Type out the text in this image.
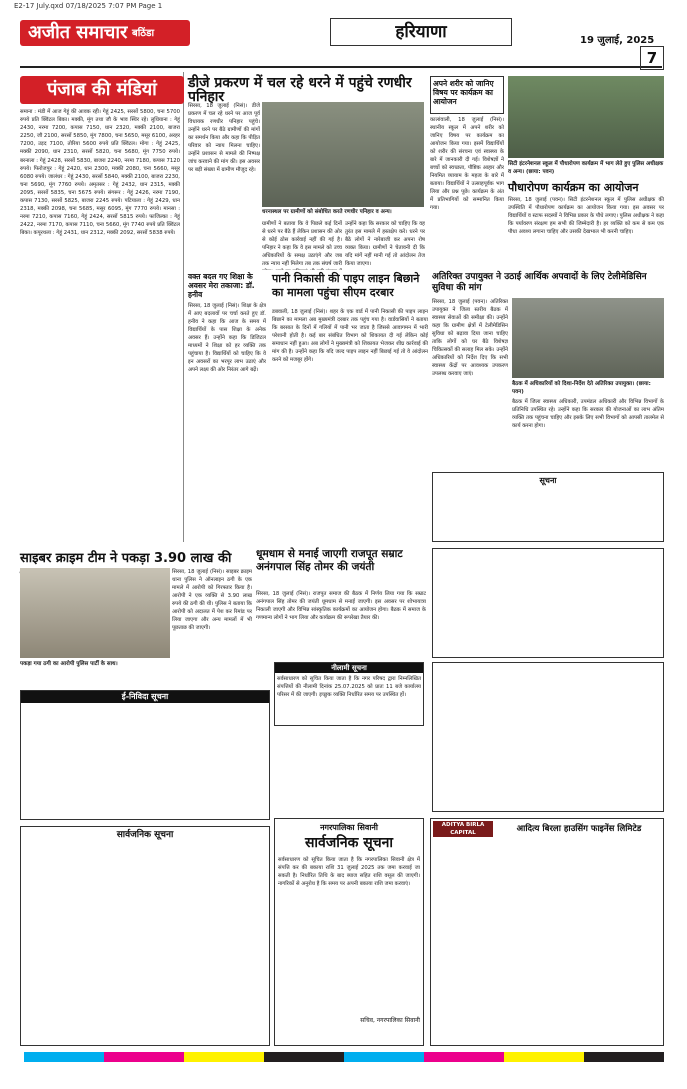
E2-17 July.qxd 07/18/2025 7:07 PM Page 1
अजीत समाचार बठिंडा	हरियाणा	19 जुलाई, 2025
7
पंजाब की मंडियां
समाना : मंडी में आज गेहूं की आवक रही। गेहूं 2425, सरसों 5800, चना 5700 रुपये प्रति क्विंटल बिका। मक्की, मूंग तथा जौ के भाव स्थिर रहे। लुधियाना : गेहूं 2430, नरमा 7200, कपास 7150, धान 2320, मक्की 2100, बाजरा 2250, जौ 2100, सरसों 5850, मूंग 7800, चना 5650, मसूर 6100, अरहर 7200, उड़द 7100, तोरिया 5600 रुपये प्रति क्विंटल। मोगा : गेहूं 2425, मक्की 2090, धान 2310, सरसों 5820, चना 5680, मूंग 7750 रुपये। बरनाला : गेहूं 2428, सरसों 5830, बाजरा 2240, नरमा 7180, कपास 7120 रुपये। फिरोजपुर : गेहूं 2420, धान 2300, मक्की 2080, चना 5660, मसूर 6080 रुपये। जालंधर : गेहूं 2430, सरसों 5840, मक्की 2100, बाजरा 2230, चना 5690, मूंग 7760 रुपये। अमृतसर : गेहूं 2432, धान 2315, मक्की 2095, सरसों 5835, चना 5675 रुपये। संगरूर : गेहूं 2426, नरमा 7190, कपास 7130, सरसों 5825, बाजरा 2245 रुपये। पटियाला : गेहूं 2429, धान 2318, मक्की 2098, चना 5685, मसूर 6095, मूंग 7770 रुपये। मानसा : नरमा 7210, कपास 7160, गेहूं 2424, सरसों 5815 रुपये। फाजिल्का : गेहूं 2422, नरमा 7170, कपास 7110, चना 5660, मूंग 7740 रुपये प्रति क्विंटल बिका। कपूरथला : गेहूं 2431, धान 2312, मक्की 2092, सरसों 5838 रुपये।
डीजे प्रकरण में चल रहे धरने में पहुंचे रणधीर पनिहार
धरनास्थल पर ग्रामीणों को संबोधित करते रणधीर पनिहार व अन्य।
सिरसा, 18 जुलाई (निसं)। डीजे प्रकरण में चल रहे धरने पर आज पूर्व विधायक रणधीर पनिहार पहुंचे। उन्होंने धरने पर बैठे ग्रामीणों की मांगों का समर्थन किया और कहा कि पीड़ित परिवार को न्याय मिलना चाहिए। उन्होंने प्रशासन से मामले की निष्पक्ष जांच करवाने की मांग की। इस अवसर पर बड़ी संख्या में ग्रामीण मौजूद रहे।
ग्रामीणों ने बताया कि वे पिछले कई दिनों से धरने पर बैठे हैं लेकिन प्रशासन की ओर से कोई ठोस कार्रवाई नहीं की गई है। पनिहार ने कहा कि वे इस मामले को उच्च अधिकारियों के समक्ष उठाएंगे और जब तक न्याय नहीं मिलेगा तब तक संघर्ष जारी
उन्होंने कहा कि सरकार को चाहिए कि वह तुरंत इस मामले में हस्तक्षेप करे। धरने पर बैठे लोगों ने नारेबाजी कर अपना रोष व्यक्त किया। ग्रामीणों ने चेतावनी दी कि यदि मांगें नहीं मानी गईं तो आंदोलन तेज किया जाएगा।
अपने शरीर को जानिए विषय पर कार्यक्रम का आयोजन
कालांवाली, 18 जुलाई (निसं)। स्थानीय स्कूल में अपने शरीर को जानिए विषय पर कार्यक्रम का आयोजन किया गया। इसमें विद्यार्थियों को शरीर की संरचना एवं स्वास्थ्य के बारे में जानकारी दी गई। विशेषज्ञों ने बच्चों को स्वच्छता, पौष्टिक आहार और नियमित व्यायाम के महत्व के बारे में बताया। विद्यार्थियों ने उत्साहपूर्वक भाग लिया और प्रश्न पूछे। कार्यक्रम के अंत में प्रतिभागियों को सम्मानित किया गया।
सिटी इंटरनेशनल स्कूल में पौधारोपण कार्यक्रम में भाग लेते हुए पुलिस अधीक्षक व अन्य। (छाया: पवन)
पौधारोपण कार्यक्रम का आयोजन
सिरसा, 18 जुलाई (पवन)। सिटी इंटरनेशनल स्कूल में पुलिस अधीक्षक की उपस्थिति में पौधारोपण कार्यक्रम का आयोजन किया गया। इस अवसर पर विद्यार्थियों व स्टाफ सदस्यों ने विभिन्न प्रकार के पौधे लगाए। पुलिस अधीक्षक ने कहा कि पर्यावरण संरक्षण हम सभी की जिम्मेदारी है। हर व्यक्ति को कम से कम एक पौधा अवश्य लगाना चाहिए और उसकी देखभाल भी करनी चाहिए।
वक्त बदल गए शिक्षा के अवसर मेरा तकाजा: डॉ. हनीव
सिरसा, 18 जुलाई (निसं)। शिक्षा के क्षेत्र में आए बदलावों पर चर्चा करते हुए डॉ. हनीव ने कहा कि आज के समय में विद्यार्थियों के पास शिक्षा के अनेक अवसर हैं। उन्होंने कहा कि डिजिटल माध्यमों ने शिक्षा को हर व्यक्ति तक पहुंचाया है। विद्यार्थियों को चाहिए कि वे इन अवसरों का भरपूर लाभ उठाएं और अपने लक्ष्य की ओर निरंतर आगे बढ़ें।
पानी निकासी की पाइप लाइन बिछाने का मामला पहुंचा सीएम दरबार
डबवाली, 18 जुलाई (निसं)। शहर के एक वार्ड में पानी निकासी की पाइप लाइन बिछाने का मामला अब मुख्यमंत्री दरबार तक पहुंच गया है। वार्डवासियों ने बताया कि बरसात के दिनों में गलियों में पानी भर जाता है जिससे आवागमन में भारी परेशानी होती है। कई बार संबंधित विभाग को शिकायत दी गई लेकिन कोई समाधान नहीं हुआ। अब लोगों ने मुख्यमंत्री को शिकायत भेजकर शीघ्र कार्रवाई की मांग की है। उन्होंने कहा कि यदि जल्द पाइप लाइन नहीं बिछाई गई तो वे आंदोलन करने को मजबूर होंगे।
अतिरिक्त उपायुक्त ने उठाई आर्थिक अपवादों के लिए टेलीमेडिसिन सुविधा की मांग
सिरसा, 18 जुलाई (पवन)। अतिरिक्त उपायुक्त ने जिला स्तरीय बैठक में स्वास्थ्य सेवाओं की समीक्षा की। उन्होंने कहा कि ग्रामीण क्षेत्रों में टेलीमेडिसिन सुविधा को बढ़ावा दिया जाना चाहिए ताकि लोगों को घर बैठे विशेषज्ञ चिकित्सकों की सलाह मिल सके। उन्होंने अधिकारियों को निर्देश दिए कि सभी स्वास्थ्य केंद्रों पर आवश्यक उपकरण उपलब्ध करवाए जाएं।
बैठक में अधिकारियों को दिशा-निर्देश देते अतिरिक्त उपायुक्त। (छाया: पवन)
बैठक में जिला स्वास्थ्य अधिकारी, उपमंडल अधिकारी और विभिन्न विभागों के प्रतिनिधि उपस्थित रहे। उन्होंने कहा कि सरकार की योजनाओं का लाभ अंतिम व्यक्ति तक पहुंचना चाहिए और इसके लिए सभी विभागों को आपसी तालमेल से कार्य करना होगा।
सूचना
साइबर क्राइम टीम ने पकड़ा 3.90 लाख की
पकड़ा गया ठगी का आरोपी पुलिस पार्टी के साथ।
सिरसा, 18 जुलाई (निसं)। साइबर क्राइम थाना पुलिस ने ऑनलाइन ठगी के एक मामले में आरोपी को गिरफ्तार किया है। आरोपी ने एक व्यक्ति से 3.90 लाख रुपये की ठगी की थी। पुलिस ने बताया कि आरोपी को अदालत में पेश कर रिमांड पर लिया जाएगा और अन्य मामलों में भी पूछताछ की जाएगी।
ई-निविदा सूचना
सार्वजनिक सूचना
धूमधाम से मनाई जाएगी राजपूत सम्राट अनंगपाल सिंह तोमर की जयंती
सिरसा, 18 जुलाई (निसं)। राजपूत समाज की बैठक में निर्णय लिया गया कि सम्राट अनंगपाल सिंह तोमर की जयंती धूमधाम से मनाई जाएगी। इस अवसर पर शोभायात्रा निकाली जाएगी और विभिन्न सांस्कृतिक कार्यक्रमों का आयोजन होगा। बैठक में समाज के गणमान्य लोगों ने भाग लिया और कार्यक्रम की रूपरेखा तैयार की।
नीलामी सूचना
सर्वसाधारण को सूचित किया जाता है कि नगर परिषद द्वारा निम्नलिखित संपत्तियों की नीलामी दिनांक 25.07.2025 को प्रातः 11 बजे कार्यालय परिसर में की जाएगी। इच्छुक व्यक्ति निर्धारित समय पर उपस्थित हों।
नगरपालिका सिवानी
सार्वजनिक सूचना
सर्वसाधारण को सूचित किया जाता है कि नगरपालिका सिवानी क्षेत्र में संपत्ति कर की बकाया राशि 31 जुलाई 2025 तक जमा करवाई जा सकती है। निर्धारित तिथि के बाद ब्याज सहित राशि वसूल की जाएगी। नागरिकों से अनुरोध है कि समय पर अपनी बकाया राशि जमा करवाएं।
सचिव, नगरपालिका सिवानी
ADITYA BIRLA CAPITAL	आदित्य बिरला हाउसिंग फाइनेंस लिमिटेड
